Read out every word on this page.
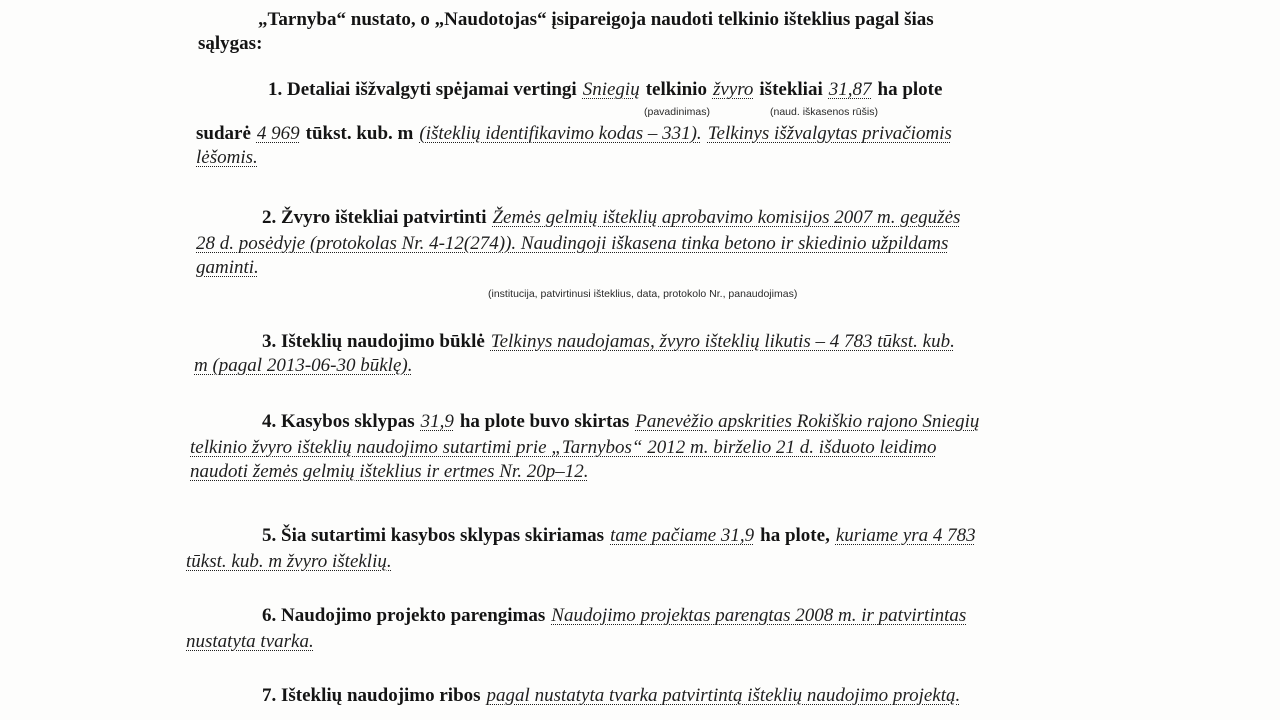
„Tarnyba“ nustato, o „Naudotojas“ įsipareigoja naudoti telkinio išteklius pagal šias

sąlygas:

1. Detaliai išžvalgyti spėjamai vertingi Sniegių telkinio žvyro ištekliai 31,87 ha plote

(pavadinimas)	(naud. iškasenos rūšis)

sudarė 4 969 tūkst. kub. m (išteklių identifikavimo kodas – 331). Telkinys išžvalgytas privačiomis

lėšomis.

2. Žvyro ištekliai patvirtinti Žemės gelmių išteklių aprobavimo komisijos 2007 m. gegužės

28 d. posėdyje (protokolas Nr. 4-12(274)). Naudingoji iškasena tinka betono ir skiedinio užpildams

gaminti.

(institucija, patvirtinusi išteklius, data, protokolo Nr., panaudojimas)

3. Išteklių naudojimo būklė Telkinys naudojamas, žvyro išteklių likutis – 4 783 tūkst. kub.

m (pagal 2013-06-30 būklę).

4. Kasybos sklypas 31,9 ha plote buvo skirtas Panevėžio apskrities Rokiškio rajono Sniegių

telkinio žvyro išteklių naudojimo sutartimi prie „Tarnybos“ 2012 m. birželio 21 d. išduoto leidimo

naudoti žemės gelmių išteklius ir ertmes Nr. 20p–12.

5. Šia sutartimi kasybos sklypas skiriamas tame pačiame 31,9 ha plote, kuriame yra 4 783

tūkst. kub. m žvyro išteklių.

6. Naudojimo projekto parengimas Naudojimo projektas parengtas 2008 m. ir patvirtintas

nustatyta tvarka.

7. Išteklių naudojimo ribos pagal nustatyta tvarka patvirtintą išteklių naudojimo projektą.
